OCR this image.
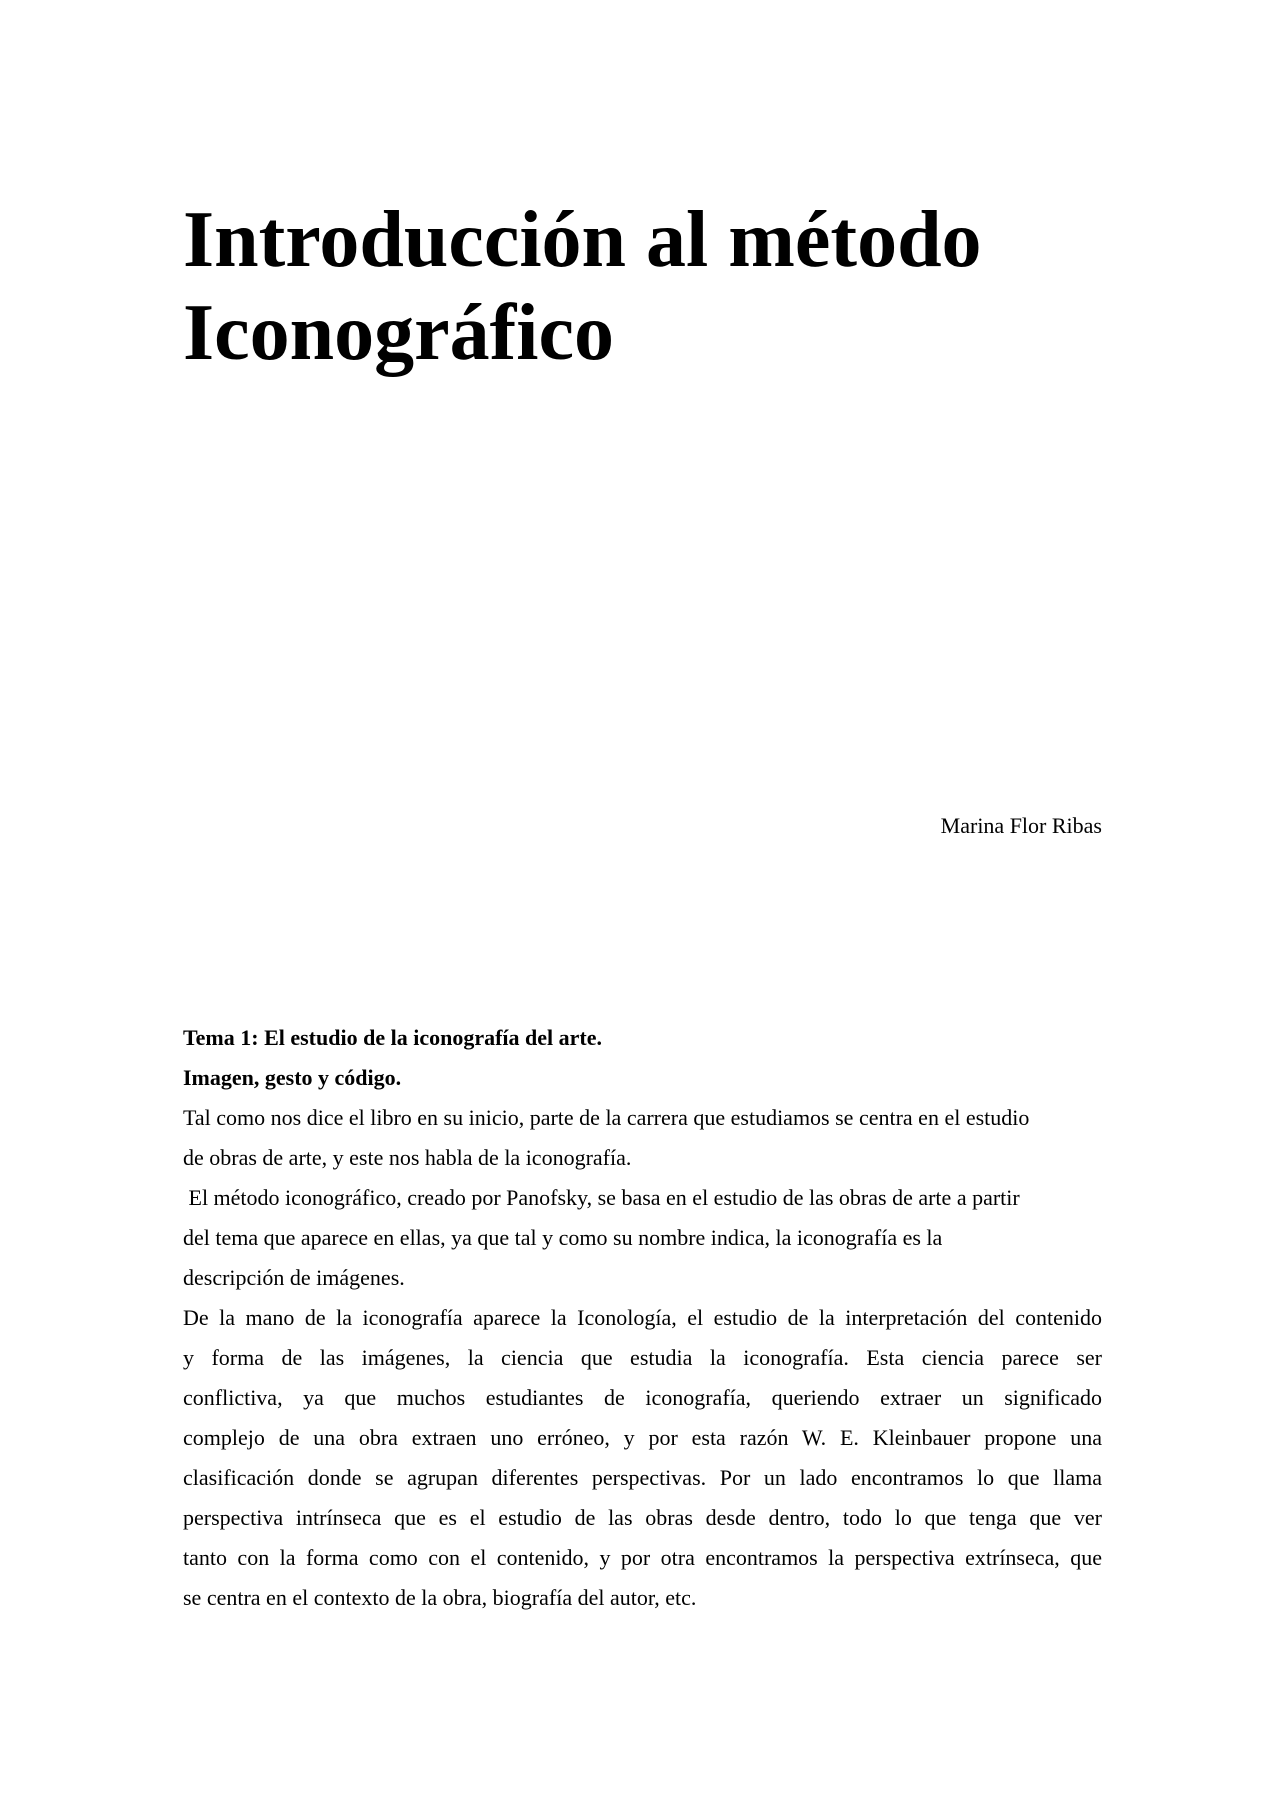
Introducción al método
Iconográfico
Marina Flor Ribas
Tema 1: El estudio de la iconografía del arte.
Imagen, gesto y código.
Tal como nos dice el libro en su inicio, parte de la carrera que estudiamos se centra en el estudio
de obras de arte, y este nos habla de la iconografía.
El método iconográfico, creado por Panofsky, se basa en el estudio de las obras de arte a partir
del tema que aparece en ellas, ya que tal y como su nombre indica, la iconografía es la
descripción de imágenes.
De la mano de la iconografía aparece la Iconología, el estudio de la interpretación del contenido
y forma de las imágenes, la ciencia que estudia la iconografía. Esta ciencia parece ser
conflictiva, ya que muchos estudiantes de iconografía, queriendo extraer un significado
complejo de una obra extraen uno erróneo, y por esta razón W. E. Kleinbauer propone una
clasificación donde se agrupan diferentes perspectivas. Por un lado encontramos lo que llama
perspectiva intrínseca que es el estudio de las obras desde dentro, todo lo que tenga que ver
tanto con la forma como con el contenido, y por otra encontramos la perspectiva extrínseca, que
se centra en el contexto de la obra, biografía del autor, etc.
